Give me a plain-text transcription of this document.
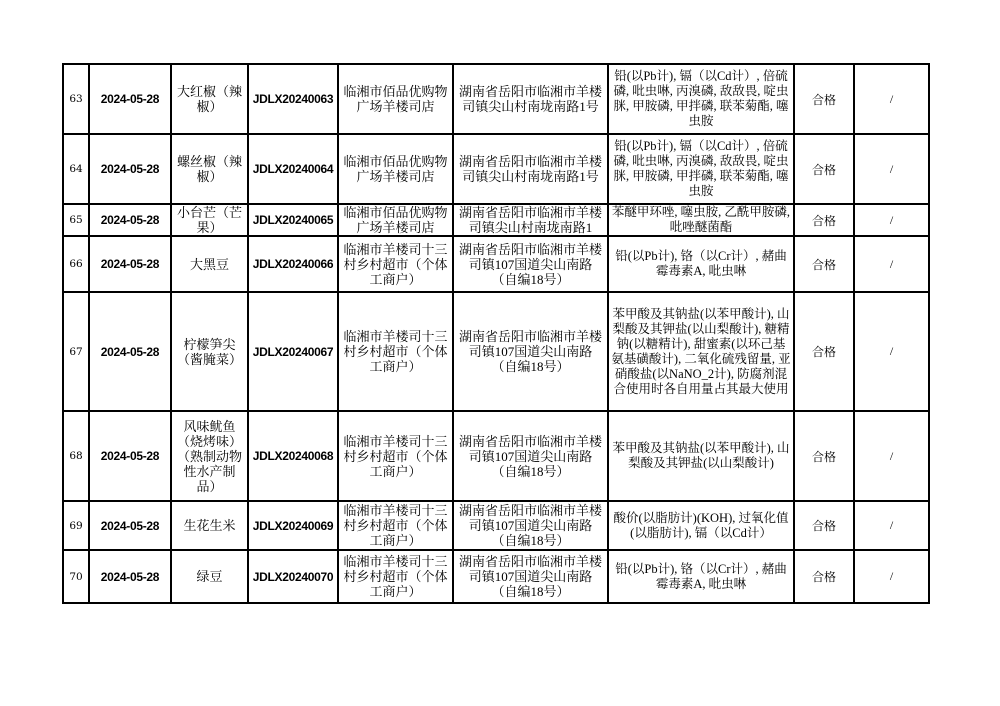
63	2024-05-28	大红椒（辣椒）	JDLX20240063	临湘市佰品优购物广场羊楼司店	湖南省岳阳市临湘市羊楼司镇尖山村南垅南路1号	铅(以Pb计), 镉（以Cd计）, 倍硫磷, 吡虫啉, 丙溴磷, 敌敌畏, 啶虫脒, 甲胺磷, 甲拌磷, 联苯菊酯, 噻虫胺	合格	/

64	2024-05-28	螺丝椒（辣椒）	JDLX20240064	临湘市佰品优购物广场羊楼司店	湖南省岳阳市临湘市羊楼司镇尖山村南垅南路1号	铅(以Pb计), 镉（以Cd计）, 倍硫磷, 吡虫啉, 丙溴磷, 敌敌畏, 啶虫脒, 甲胺磷, 甲拌磷, 联苯菊酯, 噻虫胺	合格	/

65	2024-05-28	小台芒（芒果）	JDLX20240065	临湘市佰品优购物广场羊楼司店	湖南省岳阳市临湘市羊楼司镇尖山村南垅南路1	苯醚甲环唑, 噻虫胺, 乙酰甲胺磷, 吡唑醚菌酯	合格	/

66	2024-05-28	大黑豆	JDLX20240066	临湘市羊楼司十三村乡村超市（个体工商户）	湖南省岳阳市临湘市羊楼司镇107国道尖山南路（自编18号）	铅(以Pb计), 铬（以Cr计）, 赭曲霉毒素A, 吡虫啉	合格	/

67	2024-05-28	柠檬笋尖（酱腌菜）	JDLX20240067	临湘市羊楼司十三村乡村超市（个体工商户）	湖南省岳阳市临湘市羊楼司镇107国道尖山南路（自编18号）	苯甲酸及其钠盐(以苯甲酸计), 山梨酸及其钾盐(以山梨酸计), 糖精钠(以糖精计), 甜蜜素(以环己基氨基磺酸计), 二氧化硫残留量, 亚硝酸盐(以NaNO_2计), 防腐剂混合使用时各自用量占其最大使用	合格	/

68	2024-05-28	风味鱿鱼（烧烤味）（熟制动物性水产制品）	JDLX20240068	临湘市羊楼司十三村乡村超市（个体工商户）	湖南省岳阳市临湘市羊楼司镇107国道尖山南路（自编18号）	苯甲酸及其钠盐(以苯甲酸计), 山梨酸及其钾盐(以山梨酸计)	合格	/

69	2024-05-28	生花生米	JDLX20240069	临湘市羊楼司十三村乡村超市（个体工商户）	湖南省岳阳市临湘市羊楼司镇107国道尖山南路（自编18号）	酸价(以脂肪计)(KOH), 过氧化值(以脂肪计), 镉（以Cd计）	合格	/

70	2024-05-28	绿豆	JDLX20240070	临湘市羊楼司十三村乡村超市（个体工商户）	湖南省岳阳市临湘市羊楼司镇107国道尖山南路（自编18号）	铅(以Pb计), 铬（以Cr计）, 赭曲霉毒素A, 吡虫啉	合格	/
